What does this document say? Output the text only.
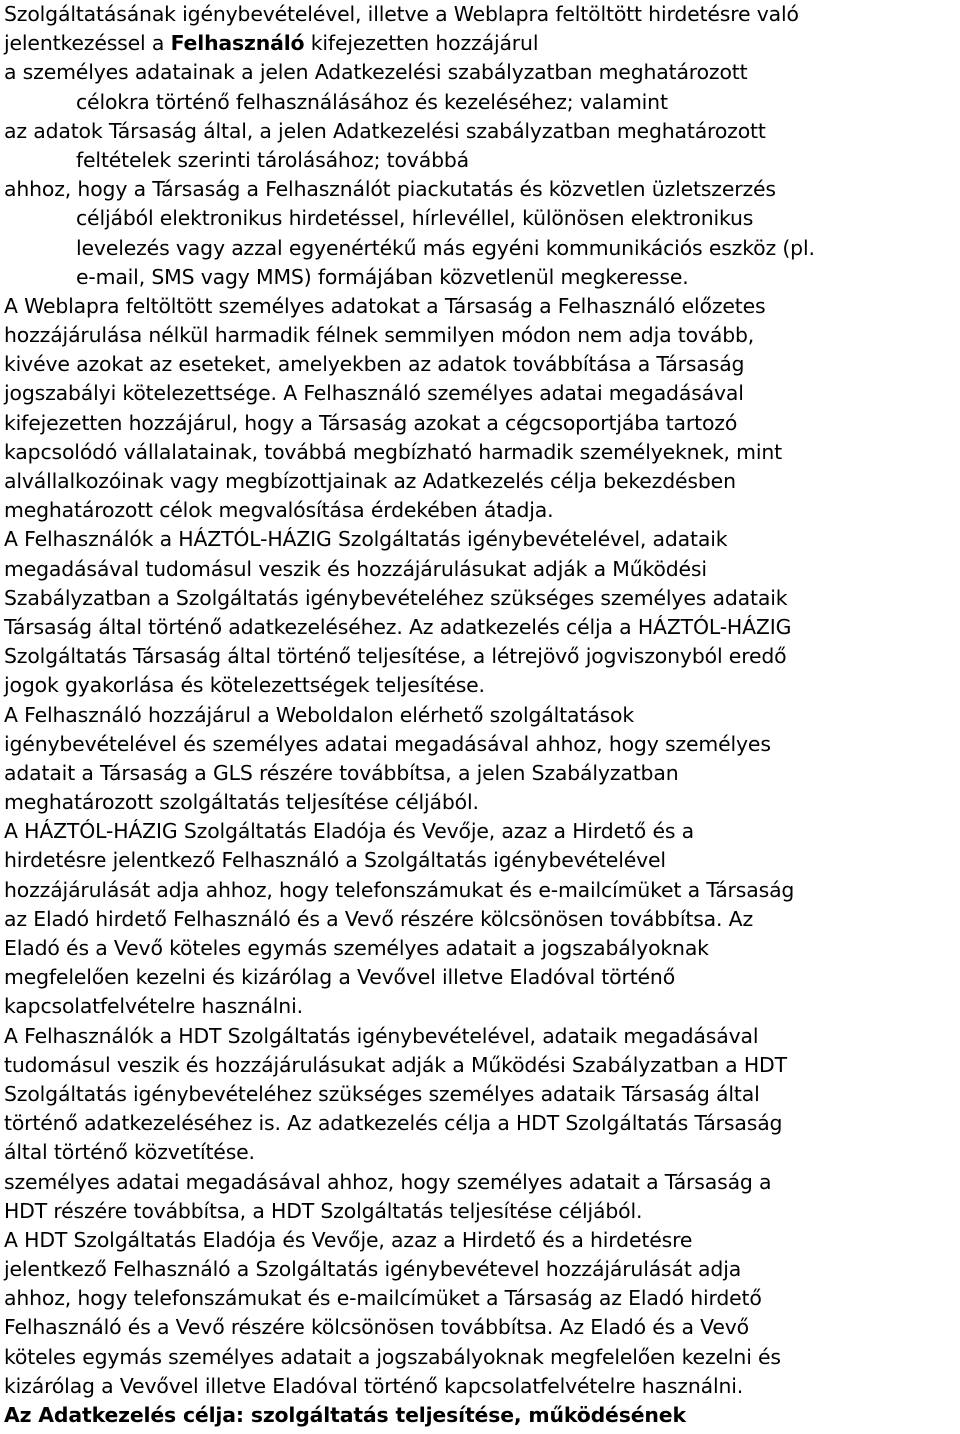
Szolgáltatásának igénybevételével, illetve a Weblapra feltöltött hirdetésre való
jelentkezéssel a Felhasználó kifejezetten hozzájárul
a személyes adatainak a jelen Adatkezelési szabályzatban meghatározott
célokra történő felhasználásához és kezeléséhez; valamint
az adatok Társaság által, a jelen Adatkezelési szabályzatban meghatározott
feltételek szerinti tárolásához; továbbá
ahhoz, hogy a Társaság a Felhasználót piackutatás és közvetlen üzletszerzés
céljából elektronikus hirdetéssel, hírlevéllel, különösen elektronikus
levelezés vagy azzal egyenértékű más egyéni kommunikációs eszköz (pl.
e-mail, SMS vagy MMS) formájában közvetlenül megkeresse.
A Weblapra feltöltött személyes adatokat a Társaság a Felhasználó előzetes
hozzájárulása nélkül harmadik félnek semmilyen módon nem adja tovább,
kivéve azokat az eseteket, amelyekben az adatok továbbítása a Társaság
jogszabályi kötelezettsége. A Felhasználó személyes adatai megadásával
kifejezetten hozzájárul, hogy a Társaság azokat a cégcsoportjába tartozó
kapcsolódó vállalatainak, továbbá megbízható harmadik személyeknek, mint
alvállalkozóinak vagy megbízottjainak az Adatkezelés célja bekezdésben
meghatározott célok megvalósítása érdekében átadja.
A Felhasználók a HÁZTÓL-HÁZIG Szolgáltatás igénybevételével, adataik
megadásával tudomásul veszik és hozzájárulásukat adják a Működési
Szabályzatban a Szolgáltatás igénybevételéhez szükséges személyes adataik
Társaság által történő adatkezeléséhez. Az adatkezelés célja a HÁZTÓL-HÁZIG
Szolgáltatás Társaság által történő teljesítése, a létrejövő jogviszonyból eredő
jogok gyakorlása és kötelezettségek teljesítése.
A Felhasználó hozzájárul a Weboldalon elérhető szolgáltatások
igénybevételével és személyes adatai megadásával ahhoz, hogy személyes
adatait a Társaság a GLS részére továbbítsa, a jelen Szabályzatban
meghatározott szolgáltatás teljesítése céljából.
A HÁZTÓL-HÁZIG Szolgáltatás Eladója és Vevője, azaz a Hirdető és a
hirdetésre jelentkező Felhasználó a Szolgáltatás igénybevételével
hozzájárulását adja ahhoz, hogy telefonszámukat és e-mailcímüket a Társaság
az Eladó hirdető Felhasználó és a Vevő részére kölcsönösen továbbítsa. Az
Eladó és a Vevő köteles egymás személyes adatait a jogszabályoknak
megfelelően kezelni és kizárólag a Vevővel illetve Eladóval történő
kapcsolatfelvételre használni.
A Felhasználók a HDT Szolgáltatás igénybevételével, adataik megadásával
tudomásul veszik és hozzájárulásukat adják a Működési Szabályzatban a HDT
Szolgáltatás igénybevételéhez szükséges személyes adataik Társaság által
történő adatkezeléséhez is. Az adatkezelés célja a HDT Szolgáltatás Társaság
által történő közvetítése.
személyes adatai megadásával ahhoz, hogy személyes adatait a Társaság a
HDT részére továbbítsa, a HDT Szolgáltatás teljesítése céljából.
A HDT Szolgáltatás Eladója és Vevője, azaz a Hirdető és a hirdetésre
jelentkező Felhasználó a Szolgáltatás igénybevétevel hozzájárulását adja
ahhoz, hogy telefonszámukat és e-mailcímüket a Társaság az Eladó hirdető
Felhasználó és a Vevő részére kölcsönösen továbbítsa. Az Eladó és a Vevő
köteles egymás személyes adatait a jogszabályoknak megfelelően kezelni és
kizárólag a Vevővel illetve Eladóval történő kapcsolatfelvételre használni.
Az Adatkezelés célja: szolgáltatás teljesítése, működésének
